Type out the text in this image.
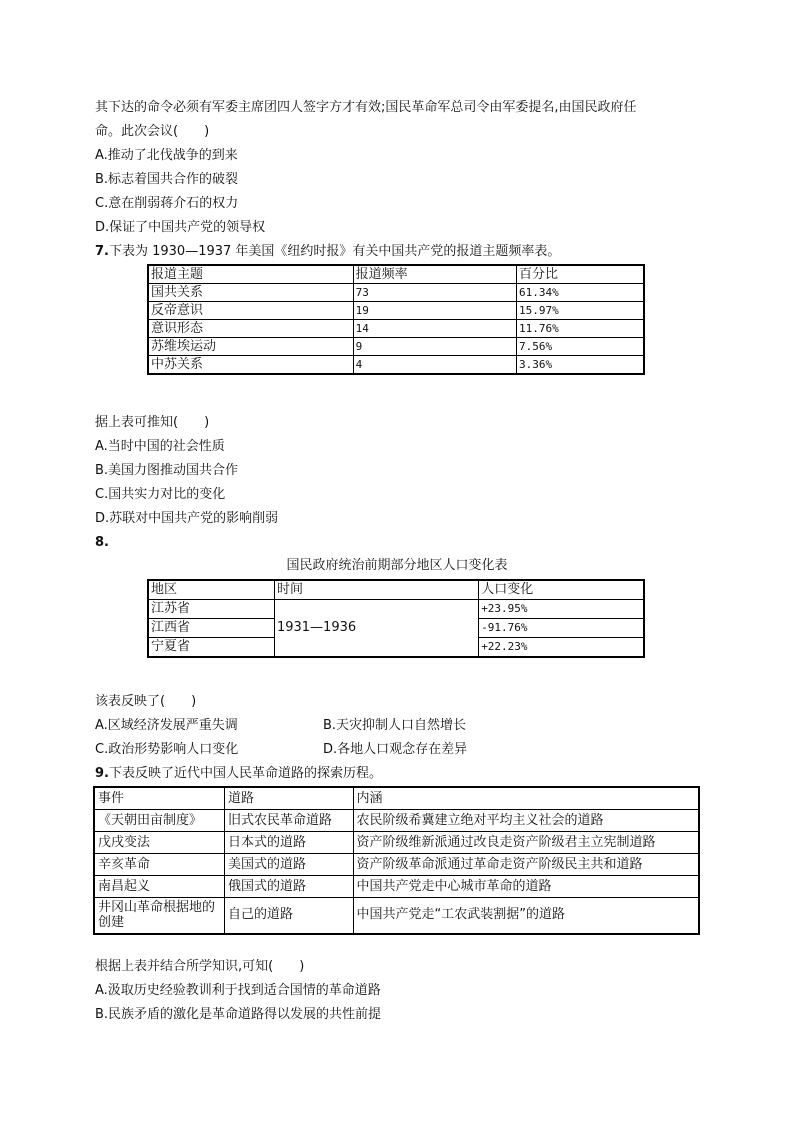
其下达的命令必须有军委主席团四人签字方才有效;国民革命军总司令由军委提名,由国民政府任
命。此次会议(　　)
A.推动了北伐战争的到来
B.标志着国共合作的破裂
C.意在削弱蒋介石的权力
D.保证了中国共产党的领导权
7.下表为 1930—1937 年美国《纽约时报》有关中国共产党的报道主题频率表。
报道主题	报道频率	百分比
国共关系	73	61.34%
反帝意识	19	15.97%
意识形态	14	11.76%
苏维埃运动	9	7.56%
中苏关系	4	3.36%
据上表可推知(　　)
A.当时中国的社会性质
B.美国力图推动国共合作
C.国共实力对比的变化
D.苏联对中国共产党的影响削弱
8.
国民政府统治前期部分地区人口变化表
地区	时间	人口变化
江苏省	1931—1936	+23.95%
江西省		-91.76%
宁夏省		+22.23%
该表反映了(　　)
A.区域经济发展严重失调	B.天灾抑制人口自然增长
C.政治形势影响人口变化	D.各地人口观念存在差异
9.下表反映了近代中国人民革命道路的探索历程。
事件	道路	内涵
《天朝田亩制度》	旧式农民革命道路	农民阶级希冀建立绝对平均主义社会的道路
戊戌变法	日本式的道路	资产阶级维新派通过改良走资产阶级君主立宪制道路
辛亥革命	美国式的道路	资产阶级革命派通过革命走资产阶级民主共和道路
南昌起义	俄国式的道路	中国共产党走中心城市革命的道路
井冈山革命根据地的创建	自己的道路	中国共产党走“工农武装割据”的道路
根据上表并结合所学知识,可知(　　)
A.汲取历史经验教训利于找到适合国情的革命道路
B.民族矛盾的激化是革命道路得以发展的共性前提
